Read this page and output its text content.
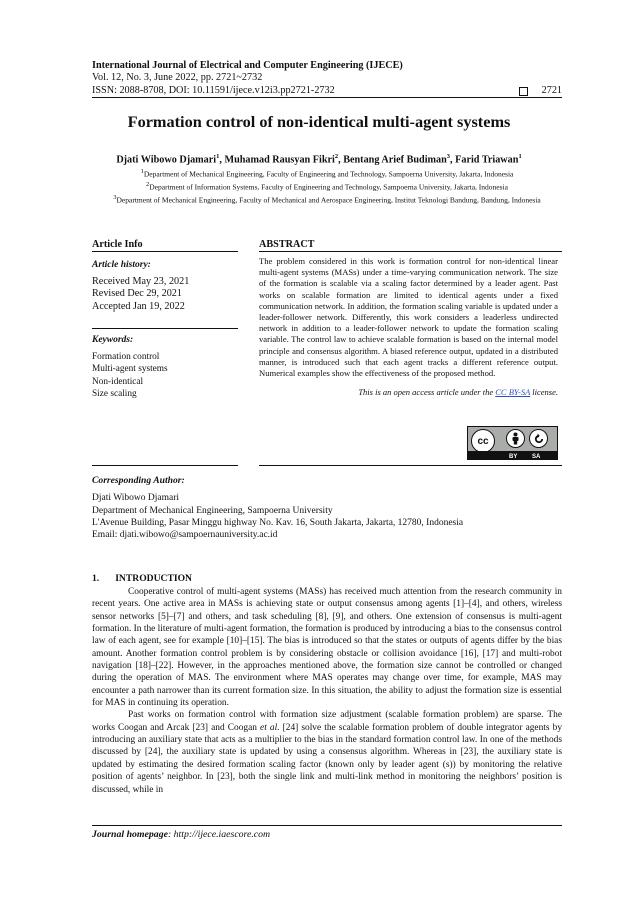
International Journal of Electrical and Computer Engineering (IJECE)
Vol. 12, No. 3, June 2022, pp. 2721~2732
ISSN: 2088-8708, DOI: 10.11591/ijece.v12i3.pp2721-2732	2721
Formation control of non-identical multi-agent systems
Djati Wibowo Djamari$^1$, Muhamad Rausyan Fikri$^2$, Bentang Arief Budiman$^3$, Farid Triawan$^1$
$^1$Department of Mechanical Engineering, Faculty of Engineering and Technology, Sampoerna University, Jakarta, Indonesia
$^2$Department of Information Systems, Faculty of Engineering and Technology, Sampoerna University, Jakarta, Indonesia
$^3$Department of Mechanical Engineering, Faculty of Mechanical and Aerospace Engineering, Institut Teknologi Bandung, Bandung, Indonesia
Article Info
Article history:
Received May 23, 2021
Revised Dec 29, 2021
Accepted Jan 19, 2022
Keywords:
Formation control
Multi-agent systems
Non-identical
Size scaling
ABSTRACT
The problem considered in this work is formation control for non-identical linear multi-agent systems (MASs) under a time-varying communication network. The size of the formation is scalable via a scaling factor determined by a leader agent. Past works on scalable formation are limited to identical agents under a fixed communication network. In addition, the formation scaling variable is updated under a leader-follower network. Differently, this work considers a leaderless undirected network in addition to a leader-follower network to update the formation scaling variable. The control law to achieve scalable formation is based on the internal model principle and consensus algorithm. A biased reference output, updated in a distributed manner, is introduced such that each agent tracks a different reference output. Numerical examples show the effectiveness of the proposed method.
This is an open access article under the CC BY-SA license.
cc
BY SA
Corresponding Author:
Djati Wibowo Djamari
Department of Mechanical Engineering, Sampoerna University
L'Avenue Building, Pasar Minggu highway No. Kav. 16, South Jakarta, Jakarta, 12780, Indonesia
Email: djati.wibowo@sampoernauniversity.ac.id
1. INTRODUCTION

Cooperative control of multi-agent systems (MASs) has received much attention from the research community in recent years. One active area in MASs is achieving state or output consensus among agents [1]–[4], and others, wireless sensor networks [5]–[7] and others, and task scheduling [8], [9], and others. One extension of consensus is multi-agent formation. In the literature of multi-agent formation, the formation is produced by introducing a bias to the consensus control law of each agent, see for example [10]–[15]. The bias is introduced so that the states or outputs of agents differ by the bias amount. Another formation control problem is by considering obstacle or collision avoidance [16], [17] and multi-robot navigation [18]–[22]. However, in the approaches mentioned above, the formation size cannot be controlled or changed during the operation of MAS. The environment where MAS operates may change over time, for example, MAS may encounter a path narrower than its current formation size. In this situation, the ability to adjust the formation size is essential for MAS in continuing its operation.

Past works on formation control with formation size adjustment (scalable formation problem) are sparse. The works Coogan and Arcak [23] and Coogan et al. [24] solve the scalable formation problem of double integrator agents by introducing an auxiliary state that acts as a multiplier to the bias in the standard formation control law. In one of the methods discussed by [24], the auxiliary state is updated by using a consensus algorithm. Whereas in [23], the auxiliary state is updated by estimating the desired formation scaling factor (known only by leader agent (s)) by monitoring the relative position of agents’ neighbor. In [23], both the single link and multi-link method in monitoring the neighbors’ position is discussed, while in

Journal homepage: http://ijece.iaescore.com
